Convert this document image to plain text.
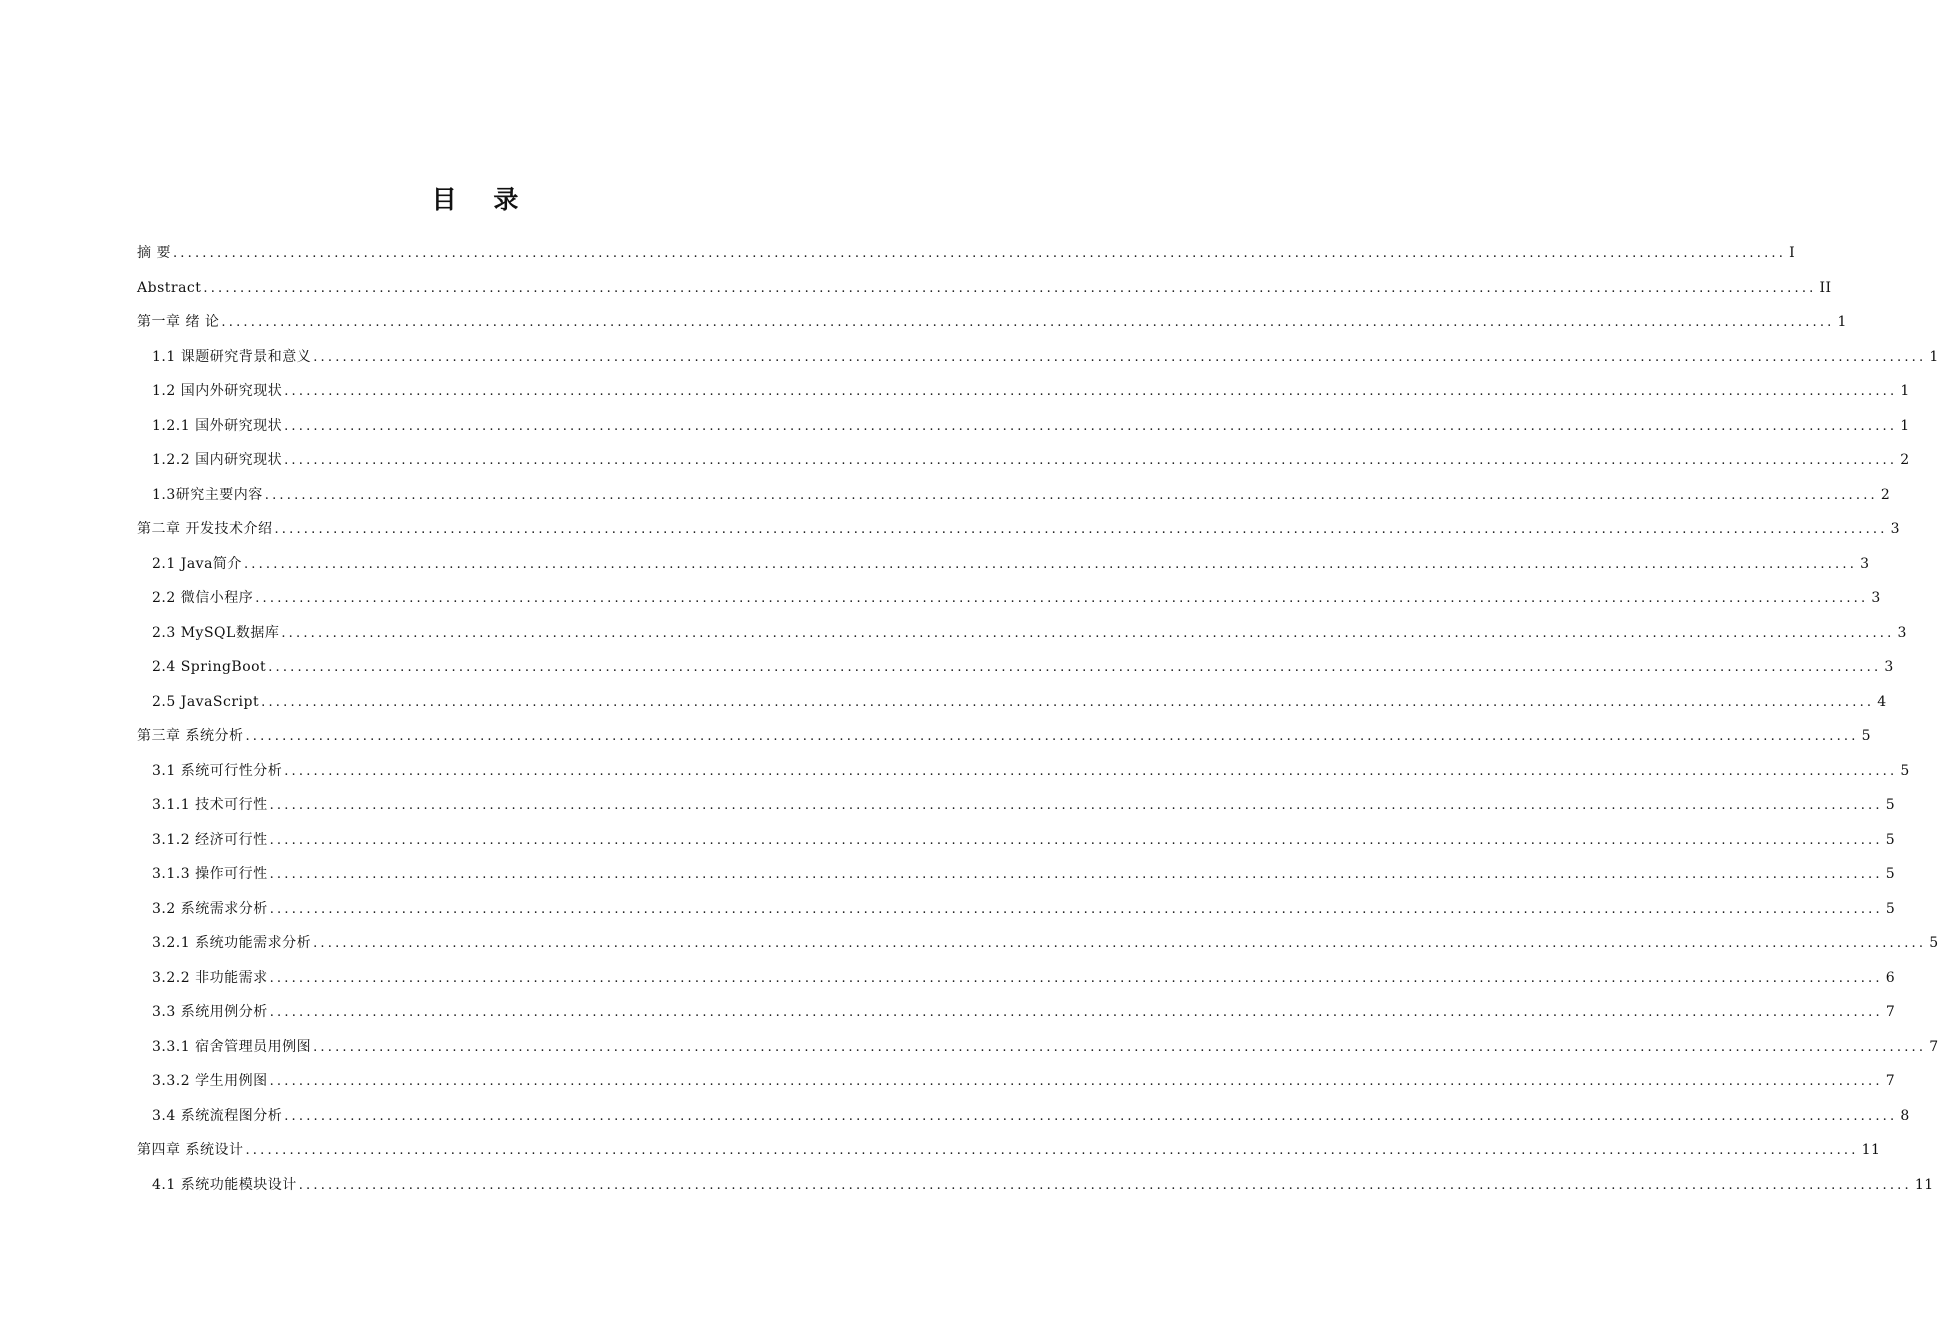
目 录
摘 要 ............................................................................................................................................................................................................................ I
Abstract ............................................................................................................................................................................................................................ II
第一章 绪 论 ............................................................................................................................................................................................................................ 1
1.1 课题研究背景和意义 ............................................................................................................................................................................................................................ 1
1.2 国内外研究现状 ............................................................................................................................................................................................................................ 1
1.2.1 国外研究现状 ............................................................................................................................................................................................................................ 1
1.2.2 国内研究现状 ............................................................................................................................................................................................................................ 2
1.3研究主要内容 ............................................................................................................................................................................................................................ 2
第二章 开发技术介绍 ............................................................................................................................................................................................................................ 3
2.1 Java简介 ............................................................................................................................................................................................................................ 3
2.2 微信小程序 ............................................................................................................................................................................................................................ 3
2.3 MySQL数据库 ............................................................................................................................................................................................................................ 3
2.4 SpringBoot ............................................................................................................................................................................................................................ 3
2.5 JavaScript ............................................................................................................................................................................................................................ 4
第三章 系统分析 ............................................................................................................................................................................................................................ 5
3.1 系统可行性分析 ............................................................................................................................................................................................................................ 5
3.1.1 技术可行性 ............................................................................................................................................................................................................................ 5
3.1.2 经济可行性 ............................................................................................................................................................................................................................ 5
3.1.3 操作可行性 ............................................................................................................................................................................................................................ 5
3.2 系统需求分析 ............................................................................................................................................................................................................................ 5
3.2.1 系统功能需求分析 ............................................................................................................................................................................................................................ 5
3.2.2 非功能需求 ............................................................................................................................................................................................................................ 6
3.3 系统用例分析 ............................................................................................................................................................................................................................ 7
3.3.1 宿舍管理员用例图 ............................................................................................................................................................................................................................ 7
3.3.2 学生用例图 ............................................................................................................................................................................................................................ 7
3.4 系统流程图分析 ............................................................................................................................................................................................................................ 8
第四章 系统设计 ............................................................................................................................................................................................................................ 11
4.1 系统功能模块设计 ............................................................................................................................................................................................................................ 11
